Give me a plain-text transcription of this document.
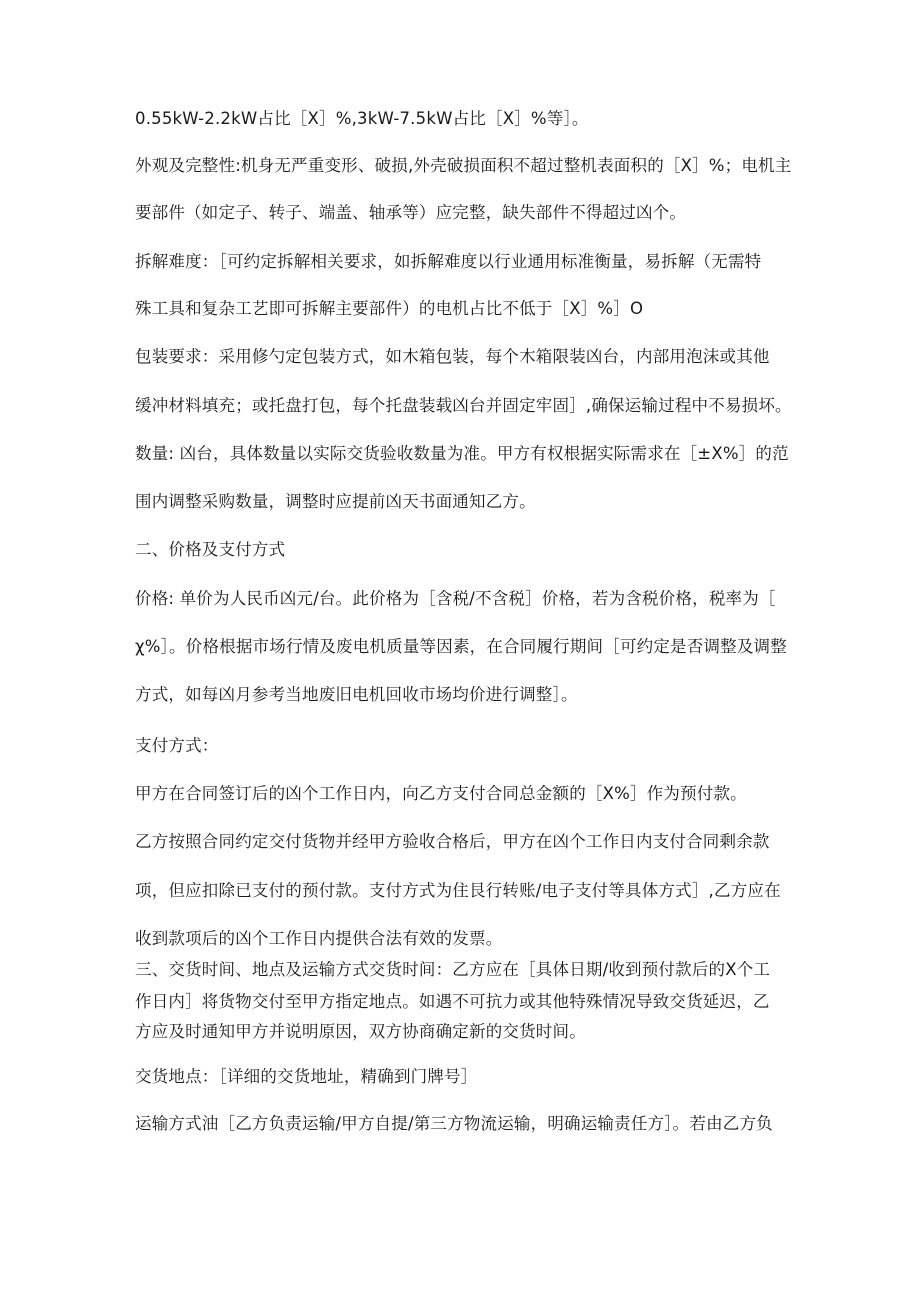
0.55kW-2.2kW占比［X］%,3kW-7.5kW占比［X］%等］。
外观及完整性:机身无严重变形、破损,外壳破损面积不超过整机表面积的［X］%；电机主
要部件（如定子、转子、端盖、轴承等）应完整，缺失部件不得超过凶个。
拆解难度：［可约定拆解相关要求，如拆解难度以行业通用标准衡量，易拆解（无需特
殊工具和复杂工艺即可拆解主要部件）的电机占比不低于［X］%］O
包装要求：采用修勺定包装方式，如木箱包装，每个木箱限装凶台，内部用泡沫或其他
缓冲材料填充；或托盘打包，每个托盘装载凶台并固定牢固］,确保运输过程中不易损坏。
数量: 凶台，具体数量以实际交货验收数量为准。甲方有权根据实际需求在［±X%］的范
围内调整采购数量，调整时应提前凶天书面通知乙方。
二、价格及支付方式
价格: 单价为人民币凶元/台。此价格为［含税/不含税］价格，若为含税价格，税率为［
χ%］。价格根据市场行情及废电机质量等因素，在合同履行期间［可约定是否调整及调整
方式，如每凶月参考当地废旧电机回收市场均价进行调整］。
支付方式：
甲方在合同签订后的凶个工作日内，向乙方支付合同总金额的［X%］作为预付款。
乙方按照合同约定交付货物并经甲方验收合格后，甲方在凶个工作日内支付合同剩余款
项，但应扣除已支付的预付款。支付方式为住艮行转账/电子支付等具体方式］,乙方应在
收到款项后的凶个工作日内提供合法有效的发票。
三、交货时间、地点及运输方式交货时间：乙方应在［具体日期/收到预付款后的X个工
作日内］将货物交付至甲方指定地点。如遇不可抗力或其他特殊情况导致交货延迟，乙
方应及时通知甲方并说明原因，双方协商确定新的交货时间。
交货地点：［详细的交货地址，精确到门牌号］
运输方式油［乙方负责运输/甲方自提/第三方物流运输，明确运输责任方］。若由乙方负
